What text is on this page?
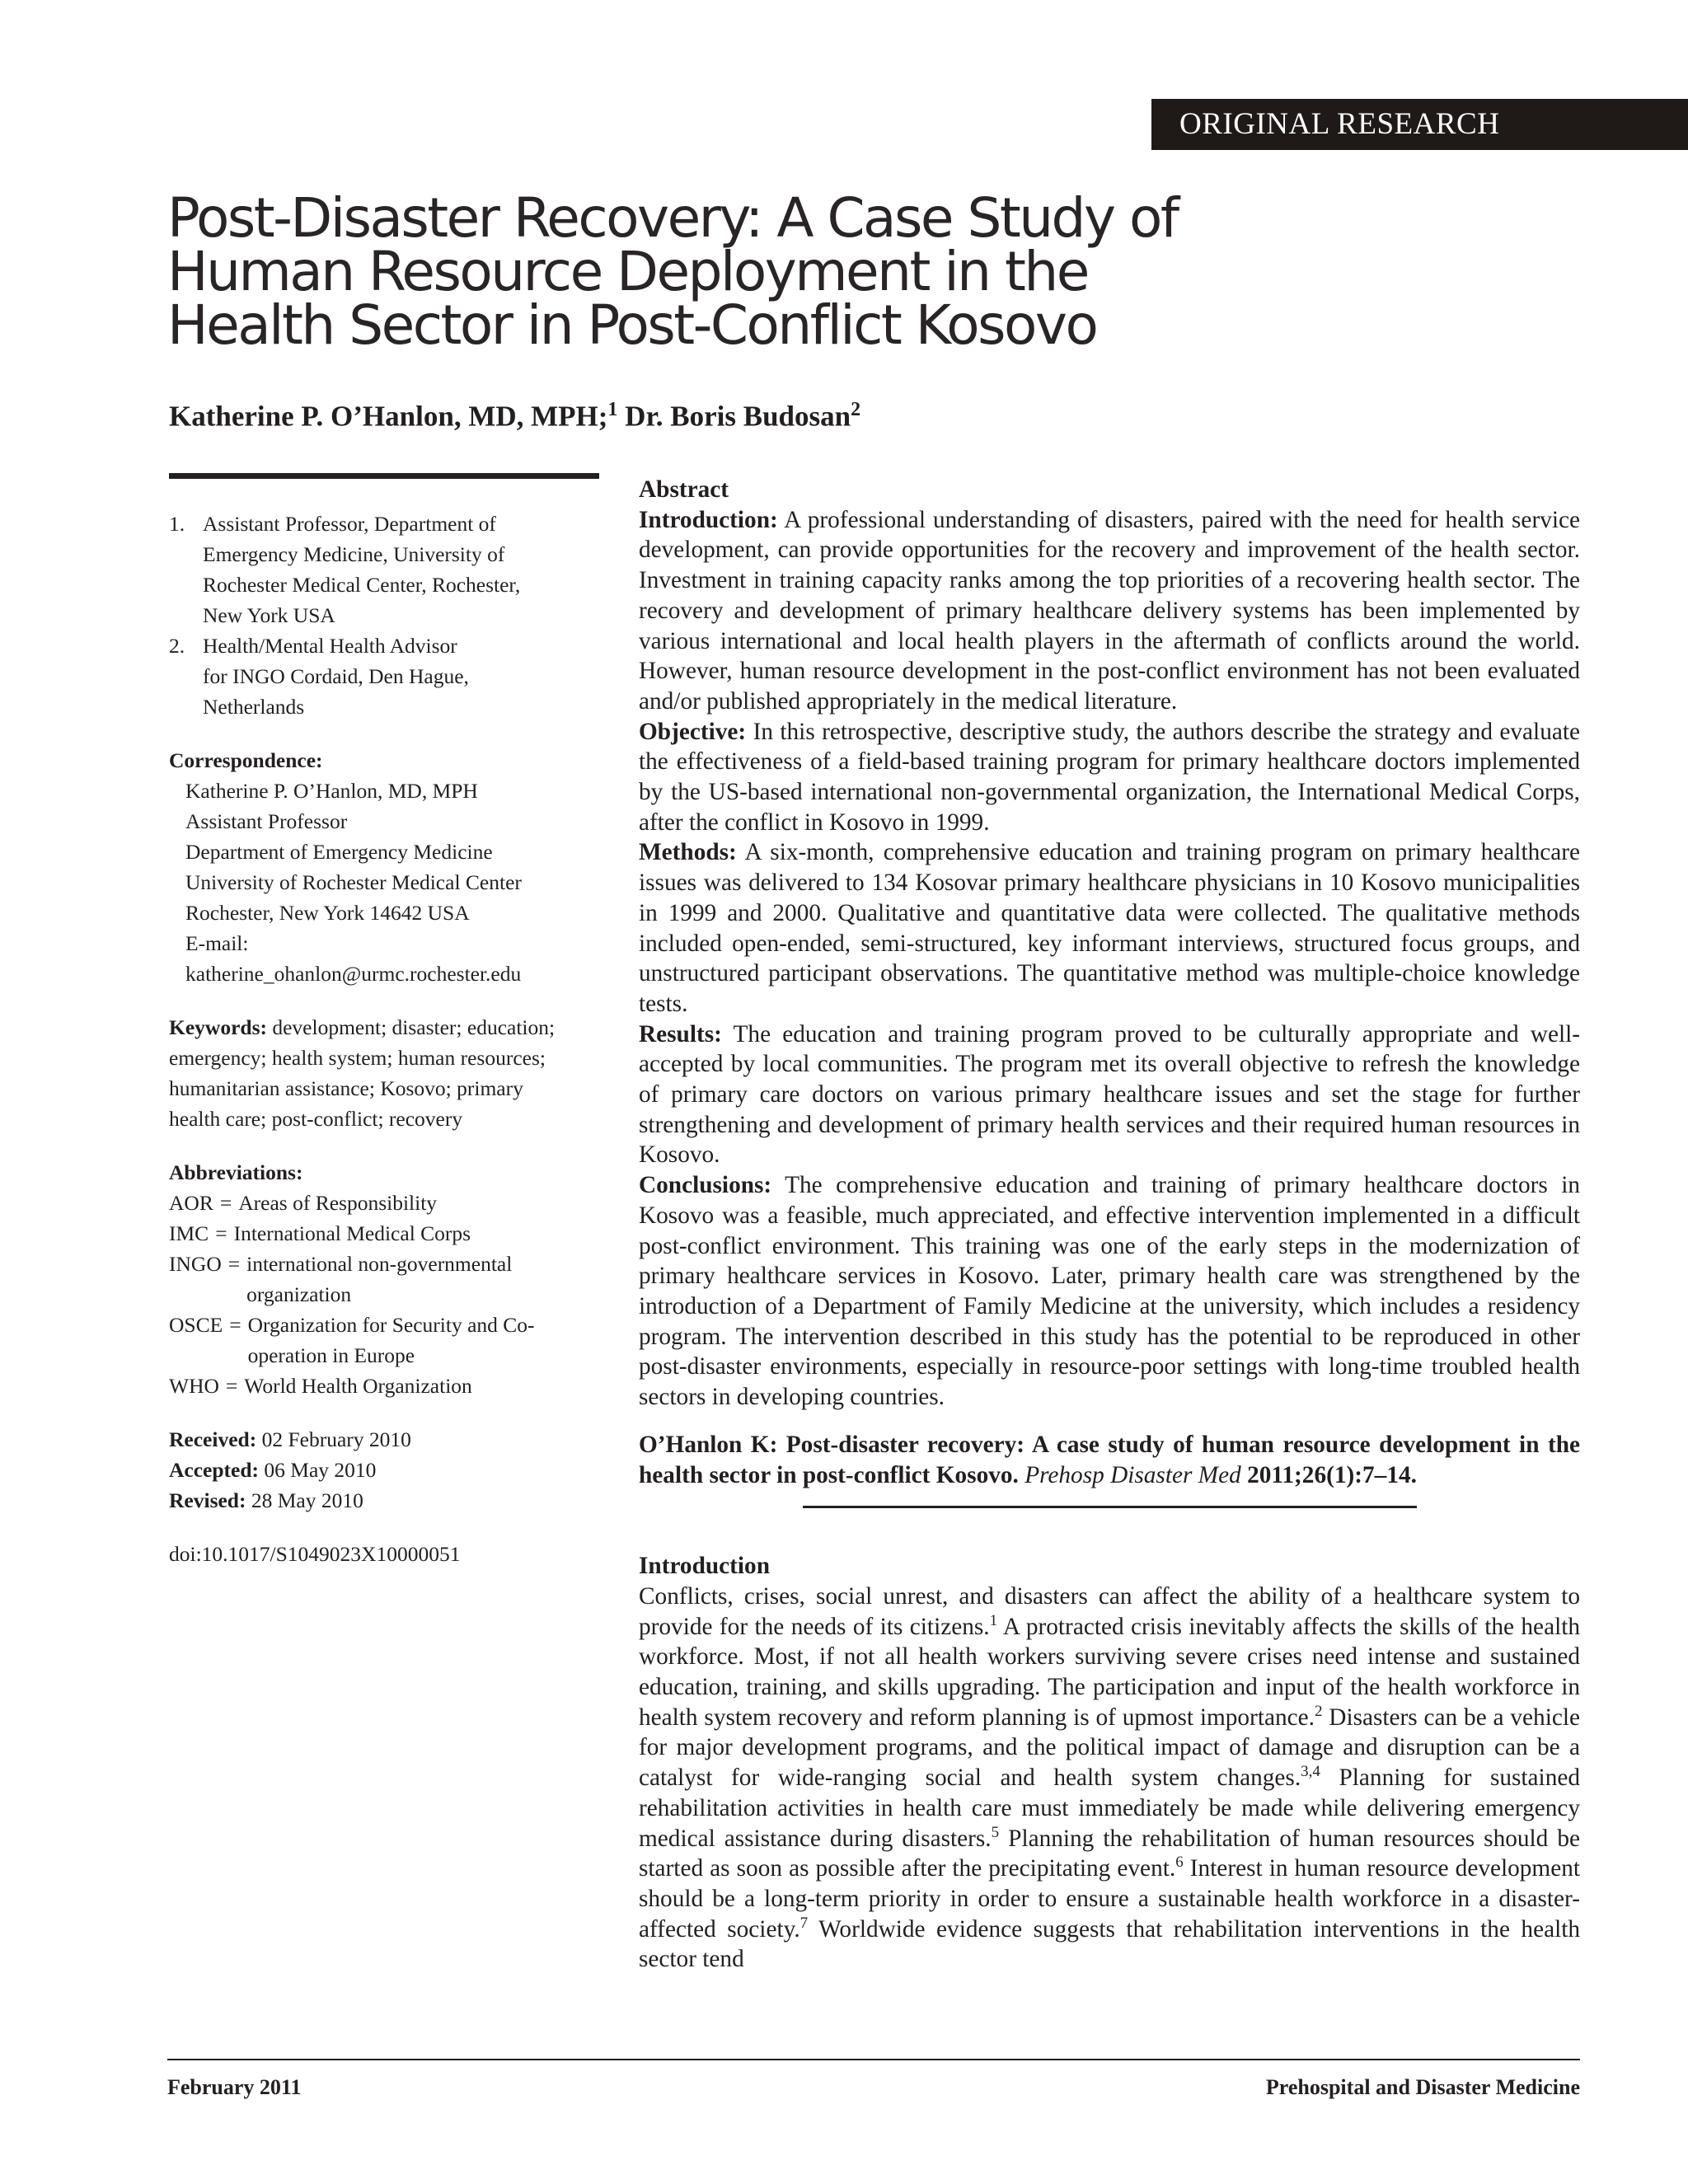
ORIGINAL RESEARCH
Post-Disaster Recovery: A Case Study of
Human Resource Deployment in the
Health Sector in Post-Conflict Kosovo
Katherine P. O’Hanlon, MD, MPH;$^1$ Dr. Boris Budosan$^2$
1. Assistant Professor, Department of
Emergency Medicine, University of
Rochester Medical Center, Rochester,
New York USA
2. Health/Mental Health Advisor
for INGO Cordaid, Den Hague,
Netherlands
Correspondence:
Katherine P. O’Hanlon, MD, MPH
Assistant Professor
Department of Emergency Medicine
University of Rochester Medical Center
Rochester, New York 14642 USA
E-mail:
katherine_ohanlon@urmc.rochester.edu
Keywords: development; disaster; education;
emergency; health system; human resources;
humanitarian assistance; Kosovo; primary
health care; post-conflict; recovery
Abbreviations:
AOR = Areas of Responsibility
IMC = International Medical Corps
INGO = international non-governmental organization
OSCE = Organization for Security and Co-operation in Europe
WHO = World Health Organization
Received: 02 February 2010
Accepted: 06 May 2010
Revised: 28 May 2010
doi:10.1017/S1049023X10000051

Abstract

Introduction: A professional understanding of disasters, paired with the need for health service development, can provide opportunities for the recovery and improvement of the health sector. Investment in training capacity ranks among the top priorities of a recovering health sector. The recovery and development of primary healthcare delivery systems has been implemented by various international and local health players in the aftermath of conflicts around the world. However, human resource development in the post-conflict environment has not been evaluated and/or published appropriately in the medical literature.

Objective: In this retrospective, descriptive study, the authors describe the strategy and evaluate the effectiveness of a field-based training program for primary healthcare doctors implemented by the US-based international non-governmental organization, the International Medical Corps, after the conflict in Kosovo in 1999.

Methods: A six-month, comprehensive education and training program on primary healthcare issues was delivered to 134 Kosovar primary healthcare physicians in 10 Kosovo municipalities in 1999 and 2000. Qualitative and quantitative data were collected. The qualitative methods included open-ended, semi-structured, key informant interviews, structured focus groups, and unstructured participant observations. The quantitative method was multiple-choice knowledge tests.

Results: The education and training program proved to be culturally appropriate and well-accepted by local communities. The program met its overall objective to refresh the knowledge of primary care doctors on various primary healthcare issues and set the stage for further strengthening and development of primary health services and their required human resources in Kosovo.

Conclusions: The comprehensive education and training of primary healthcare doctors in Kosovo was a feasible, much appreciated, and effective intervention implemented in a difficult post-conflict environment. This training was one of the early steps in the modernization of primary healthcare services in Kosovo. Later, primary health care was strengthened by the introduction of a Department of Family Medicine at the university, which includes a residency program. The intervention described in this study has the potential to be reproduced in other post-disaster environments, especially in resource-poor settings with long-time troubled health sectors in developing countries.

O’Hanlon K: Post-disaster recovery: A case study of human resource development in the health sector in post-conflict Kosovo. Prehosp Disaster Med 2011;26(1):7–14.

Introduction

Conflicts, crises, social unrest, and disasters can affect the ability of a healthcare system to provide for the needs of its citizens.$^1$ A protracted crisis inevitably affects the skills of the health workforce. Most, if not all health workers surviving severe crises need intense and sustained education, training, and skills upgrading. The participation and input of the health workforce in health system recovery and reform planning is of upmost importance.$^2$ Disasters can be a vehicle for major development programs, and the political impact of damage and disruption can be a catalyst for wide-ranging social and health system changes.$^{3,4}$ Planning for sustained rehabilitation activities in health care must immediately be made while delivering emergency medical assistance during disasters.$^5$ Planning the rehabilitation of human resources should be started as soon as possible after the precipitating event.$^6$ Interest in human resource development should be a long-term priority in order to ensure a sustainable health workforce in a disaster-affected society.$^7$ Worldwide evidence suggests that rehabilitation interventions in the health sector tend

February 2011	Prehospital and Disaster Medicine
